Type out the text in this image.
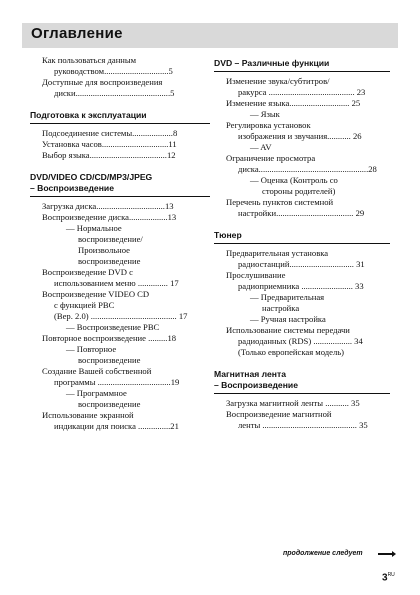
Оглавление
Как пользоваться данным
руководством..............................5
Доступные для воспроизведения
диски............................................5
Подготовка к эксплуатации
Подсоединение системы...................8
Установка часов...............................11
Выбор языка....................................12
DVD/VIDEO CD/CD/MP3/JPEG
– Воспроизведение
Загрузка диска................................13
Воспроизведение диска..................13
— Нормальное
воспроизведение/
Произвольное
воспроизведение
Воспроизведение DVD с
использованием меню .............. 17
Воспроизведение VIDEO CD
с функцией PBC
(Вер. 2.0) ........................................ 17
— Воспроизведение PBC
Повторное воспроизведение .........18
— Повторное
воспроизведение
Создание Вашей собственной
программы ..................................19
— Программное
воспроизведение
Использование экранной
индикации для поиска ...............21
DVD – Различные функции
Изменение звука/субтитров/
ракурса ........................................ 23
Изменение языка............................ 25
— Язык
Регулировка установок
изображения и звучания........... 26
— AV
Ограничение просмотра
диска...................................................28
— Оценка (Контроль со
стороны родителей)
Перечень пунктов системной
настройки.................................... 29
Тюнер
Предварительная установка
радиостанций.............................. 31
Прослушивание
радиоприемника ........................ 33
— Предварительная
настройка
— Ручная настройка
Использование системы передачи
радиоданных (RDS) .................. 34
(Только европейская модель)
Магнитная лента
– Воспроизведение
Загрузка магнитной ленты ........... 35
Воспроизведение магнитной
ленты ............................................ 35
продолжение следует
$3^{RU}$
